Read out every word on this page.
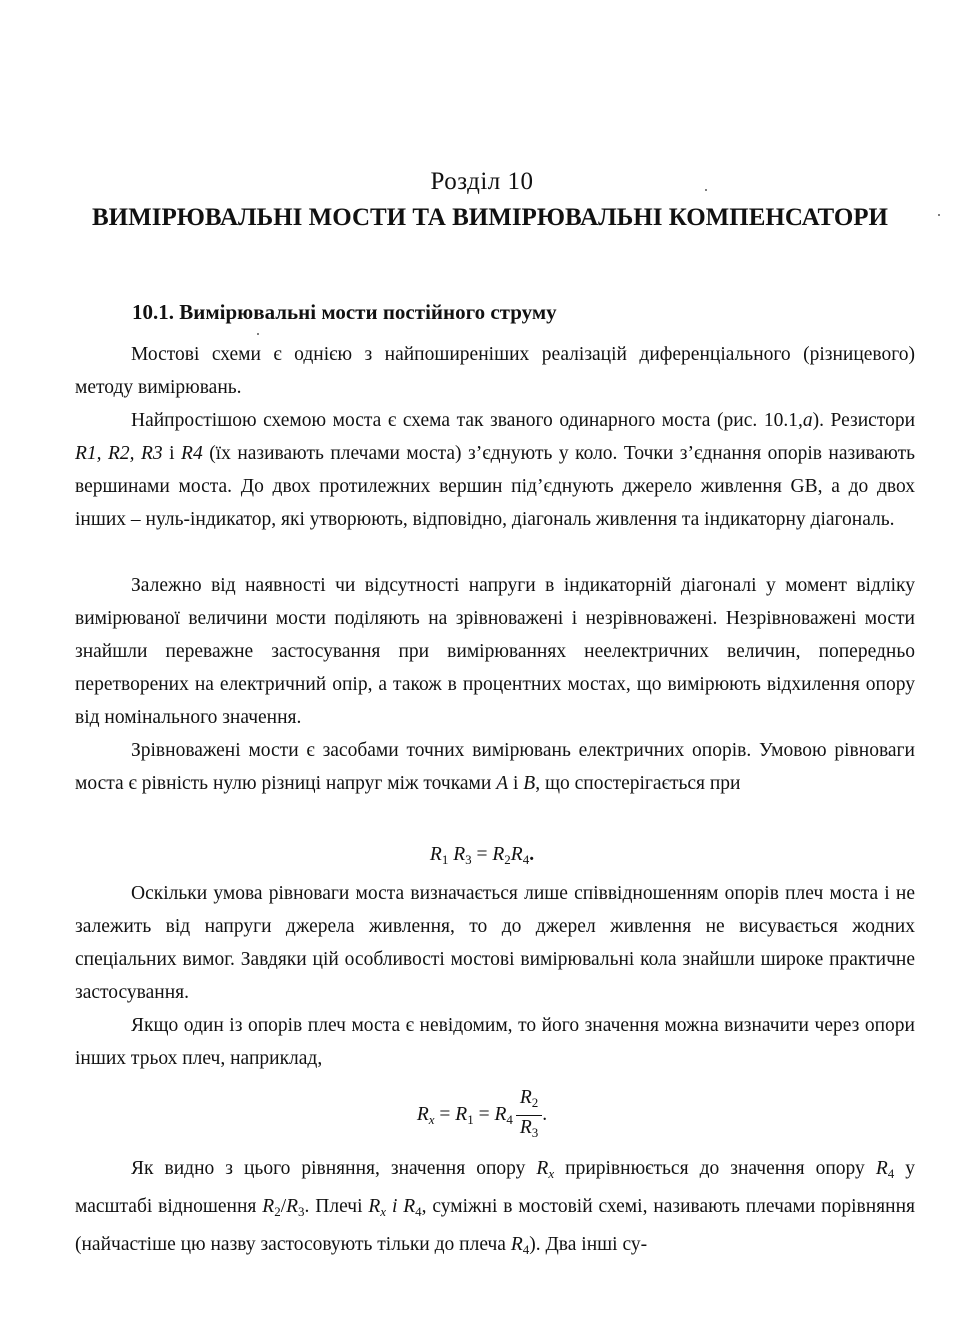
Розділ 10
ВИМІРЮВАЛЬНІ МОСТИ ТА ВИМІРЮВАЛЬНІ КОМПЕНСАТОРИ
10.1. Вимірювальні мости постійного струму
Мостові схеми є однією з найпоширеніших реалізацій диференціального (різницевого) методу вимірювань.
Найпростішою схемою моста є схема так званого одинарного моста (рис. 10.1,а). Резистори R1, R2, R3 і R4 (їх називають плечами моста) з’єднують у коло. Точки з’єднання опорів називають вершинами моста. До двох протилежних вершин під’єднують джерело живлення GB, а до двох інших – нуль-індикатор, які утворюють, відповідно, діагональ живлення та індикаторну діагональ.
Залежно від наявності чи відсутності напруги в індикаторній діагоналі у момент відліку вимірюваної величини мости поділяють на зрівноважені і незрівноважені. Незрівноважені мости знайшли переважне застосування при вимірюваннях неелектричних величин, попередньо перетворених на електричний опір, а також в процентних мостах, що вимірюють відхилення опору від номінального значення.
Зрівноважені мости є засобами точних вимірювань електричних опорів. Умовою рівноваги моста є рівність нулю різниці напруг між точками A і B, що спостерігається при
$R_1$ $R_3 = R_2R_4$.
Оскільки умова рівноваги моста визначається лише співвідношенням опорів плеч моста і не залежить від напруги джерела живлення, то до джерел живлення не висувається жодних спеціальних вимог. Завдяки цій особливості мостові вимірювальні кола знайшли широке практичне застосування.
Якщо один із опорів плеч моста є невідомим, то його значення можна визначити через опори інших трьох плеч, наприклад,
$R_x = R_1 = R_4 \frac{R_2}{R_3}$ .
Як видно з цього рівняння, значення опору $R_x$ прирівнюється до значення опору $R_4$ у масштабі відношення $R_2/R_3$. Плечі $R_x$ і $R_4$, суміжні в мостовій схемі, називають плечами порівняння (найчастіше цю назву застосовують тільки до плеча $R_4$). Два інші су-
